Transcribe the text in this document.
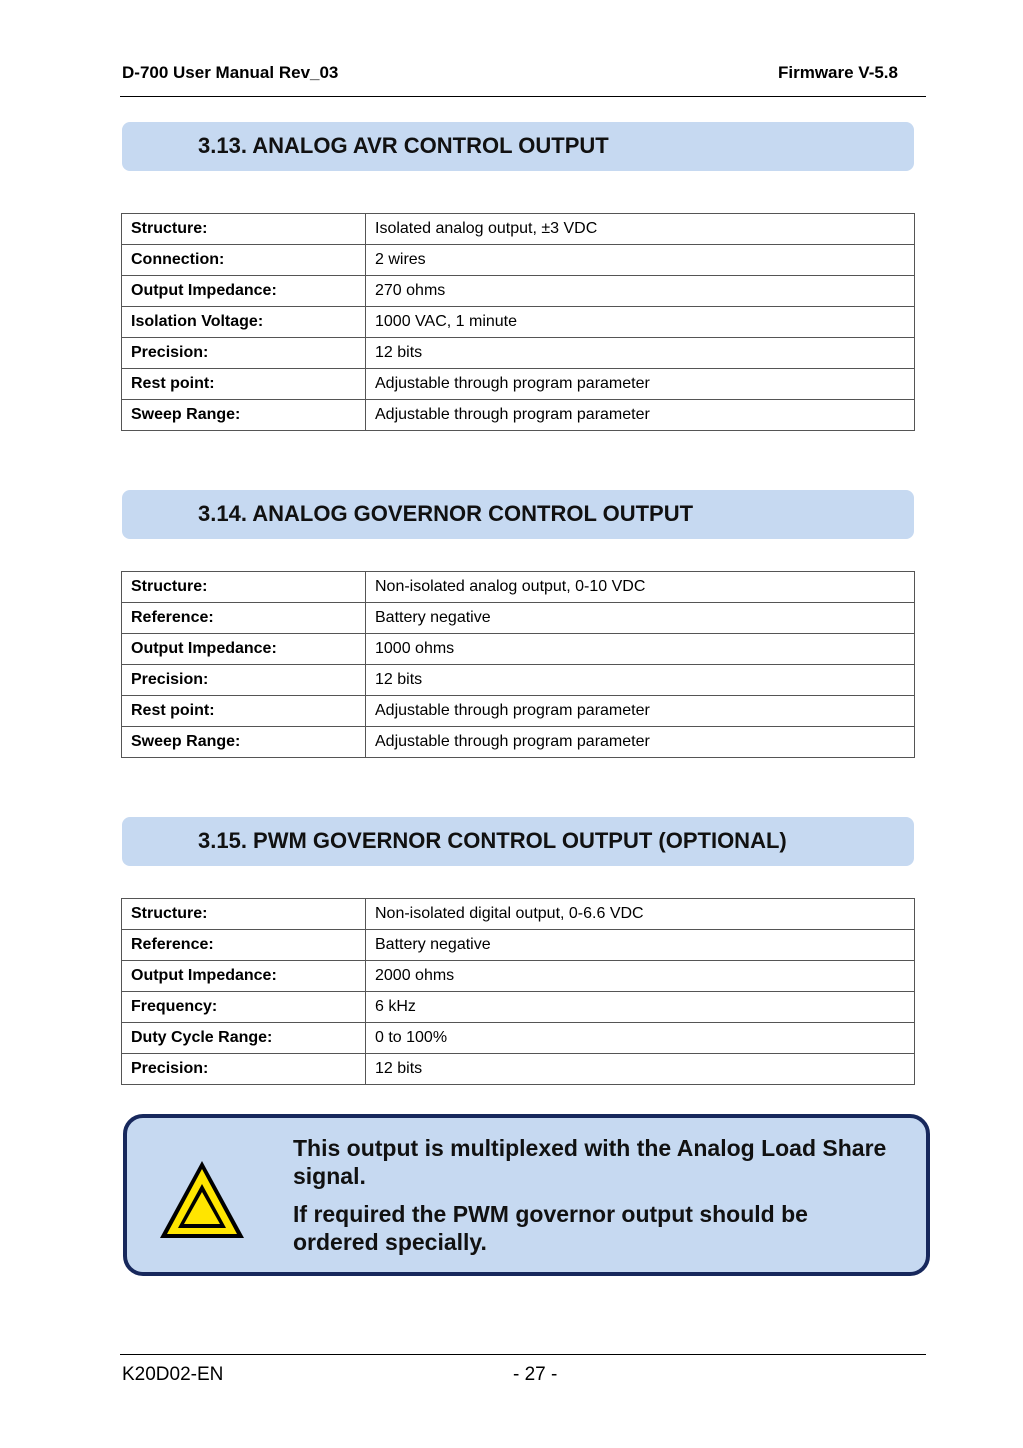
D-700 User Manual Rev_03	Firmware V-5.8
3.13. ANALOG AVR CONTROL OUTPUT
Structure:	Isolated analog output, ±3 VDC
Connection:	2 wires
Output Impedance:	270 ohms
Isolation Voltage:	1000 VAC, 1 minute
Precision:	12 bits
Rest point:	Adjustable through program parameter
Sweep Range:	Adjustable through program parameter
3.14. ANALOG GOVERNOR CONTROL OUTPUT
Structure:	Non-isolated analog output, 0-10 VDC
Reference:	Battery negative
Output Impedance:	1000 ohms
Precision:	12 bits
Rest point:	Adjustable through program parameter
Sweep Range:	Adjustable through program parameter
3.15. PWM GOVERNOR CONTROL OUTPUT (OPTIONAL)
Structure:	Non-isolated digital output, 0-6.6 VDC
Reference:	Battery negative
Output Impedance:	2000 ohms
Frequency:	6 kHz
Duty Cycle Range:	0 to 100%
Precision:	12 bits

This output is multiplexed with the Analog Load Share signal.

If required the PWM governor output should be ordered specially.

K20D02-EN	- 27 -
